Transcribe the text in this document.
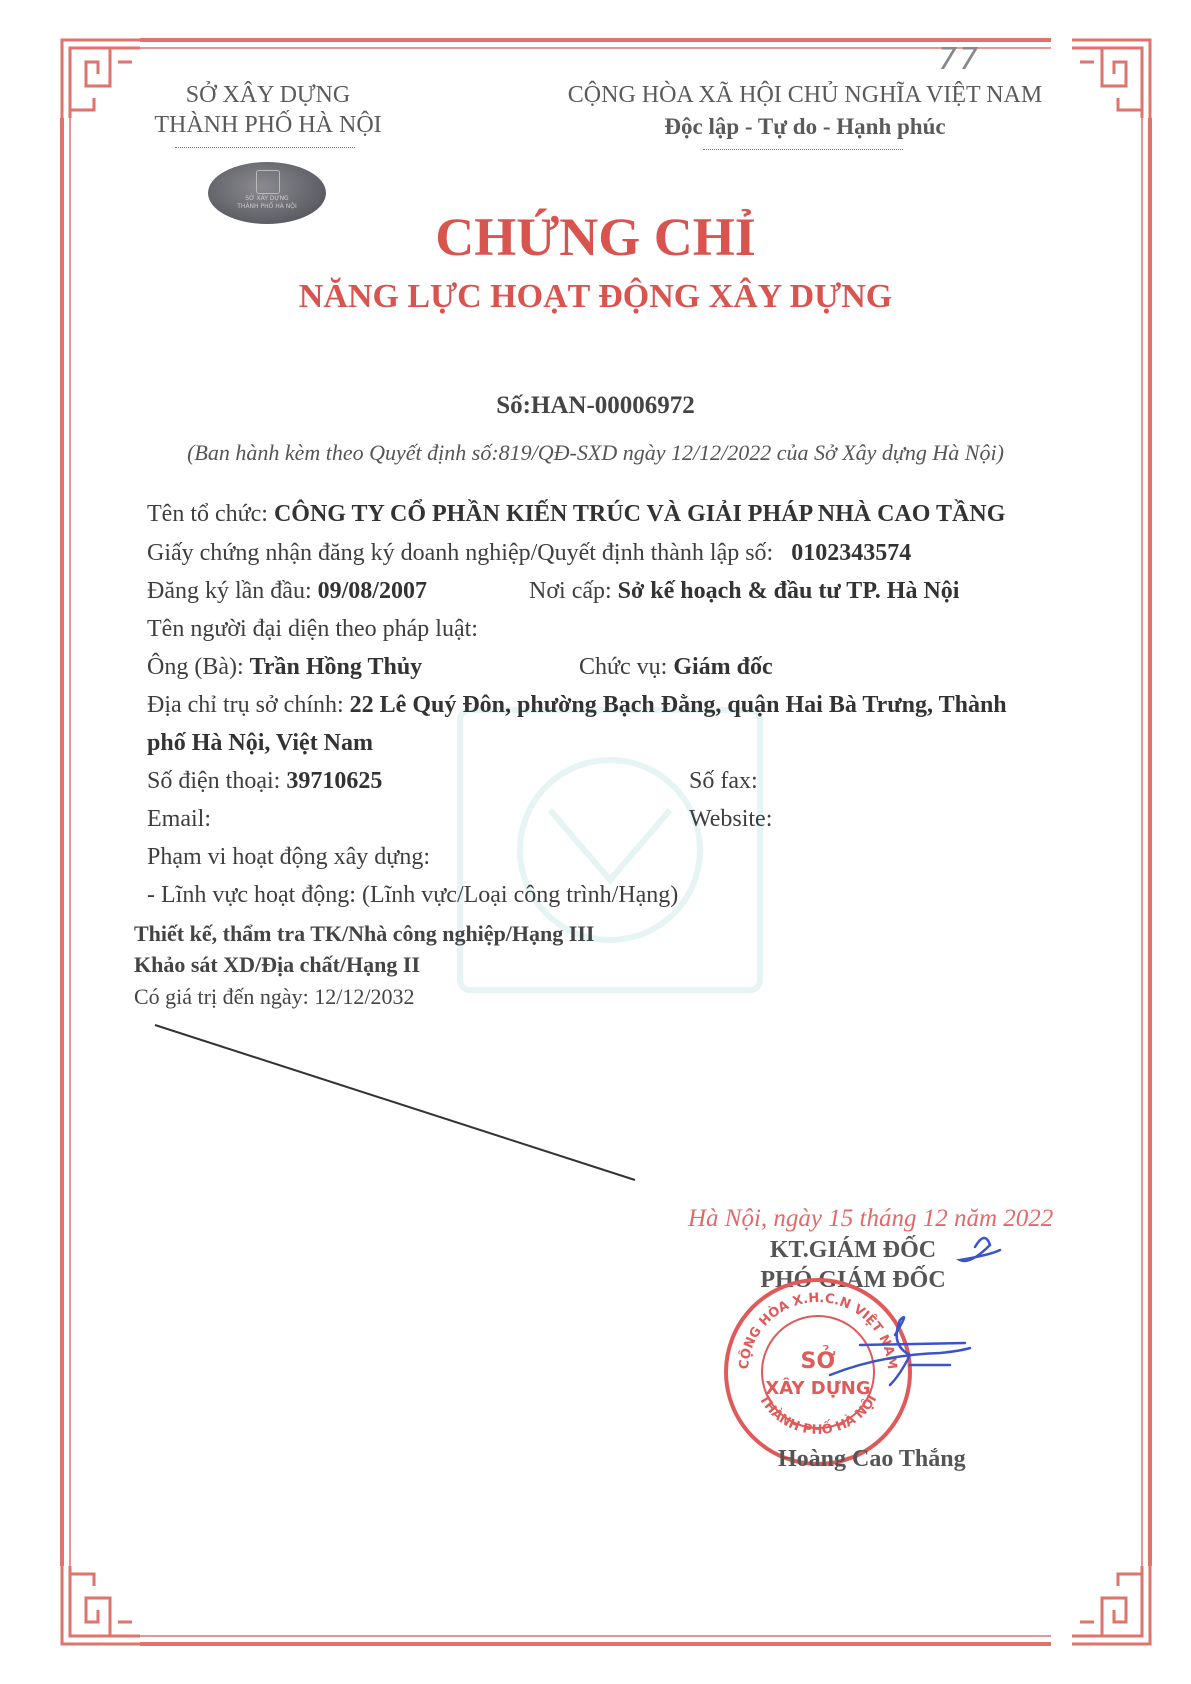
77
SỞ XÂY DỰNG
THÀNH PHỐ HÀ NỘI
SỞ XÂY DỰNG
THÀNH PHỐ HÀ NỘI
CỘNG HÒA XÃ HỘI CHỦ NGHĨA VIỆT NAM
Độc lập - Tự do - Hạnh phúc
CHỨNG CHỈ
NĂNG LỰC HOẠT ĐỘNG XÂY DỰNG
Số:HAN-00006972
(Ban hành kèm theo Quyết định số:819/QĐ-SXD ngày 12/12/2022 của Sở Xây dựng Hà Nội)
Tên tổ chức: CÔNG TY CỔ PHẦN KIẾN TRÚC VÀ GIẢI PHÁP NHÀ CAO TẦNG
Giấy chứng nhận đăng ký doanh nghiệp/Quyết định thành lập số: 0102343574
Đăng ký lần đầu: 09/08/2007	Nơi cấp: Sở kế hoạch & đầu tư TP. Hà Nội
Tên người đại diện theo pháp luật:
Ông (Bà): Trần Hồng Thủy	Chức vụ: Giám đốc
Địa chỉ trụ sở chính: 22 Lê Quý Đôn, phường Bạch Đằng, quận Hai Bà Trưng, Thành
phố Hà Nội, Việt Nam
Số điện thoại: 39710625	Số fax:
Email:	Website:
Phạm vi hoạt động xây dựng:
- Lĩnh vực hoạt động: (Lĩnh vực/Loại công trình/Hạng)
Thiết kế, thẩm tra TK/Nhà công nghiệp/Hạng III
Khảo sát XD/Địa chất/Hạng II
Có giá trị đến ngày: 12/12/2032
Hà Nội, ngày 15 tháng 12 năm 2022
KT.GIÁM ĐỐC
PHÓ GIÁM ĐỐC
CỘNG HÒA X.H.C.N VIỆT NAM
THÀNH PHỐ HÀ NỘI
SỞ
XÂY DỰNG
Hoàng Cao Thắng
